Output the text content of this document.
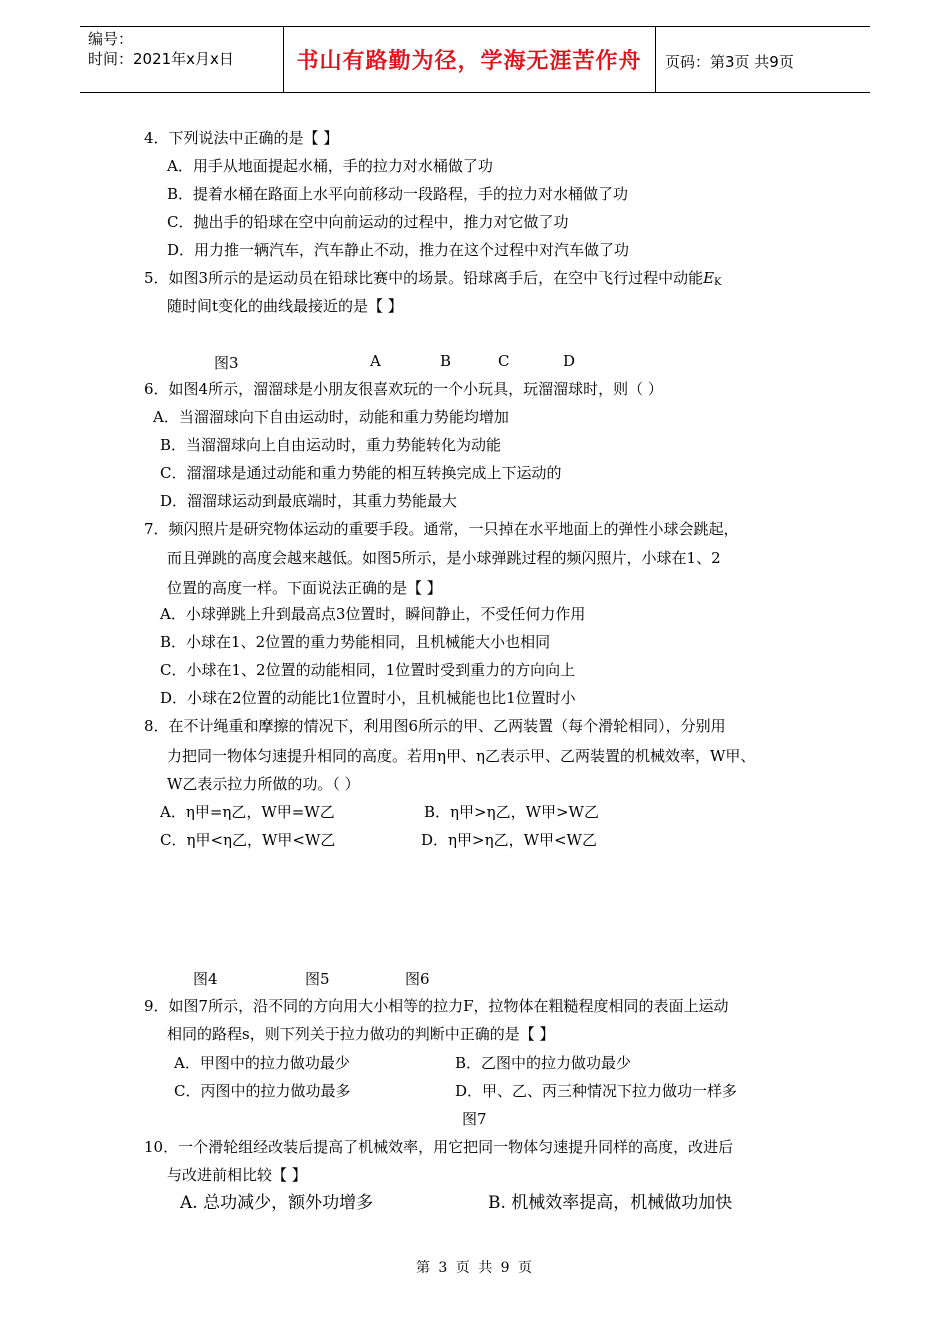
编号：
时间：2021年x月x日	书山有路勤为径，学海无涯苦作舟	页码：第3页 共9页
4．下列说法中正确的是【 】
A．用手从地面提起水桶，手的拉力对水桶做了功
B．提着水桶在路面上水平向前移动一段路程，手的拉力对水桶做了功
C．抛出手的铅球在空中向前运动的过程中，推力对它做了功
D．用力推一辆汽车，汽车静止不动，推力在这个过程中对汽车做了功
5．如图3所示的是运动员在铅球比赛中的场景。铅球离手后，在空中飞行过程中动能$E_K$
随时间t变化的曲线最接近的是【 】
图3	A	B	C	D
6．如图4所示，溜溜球是小朋友很喜欢玩的一个小玩具，玩溜溜球时，则（ ）
A．当溜溜球向下自由运动时，动能和重力势能均增加
B．当溜溜球向上自由运动时，重力势能转化为动能
C．溜溜球是通过动能和重力势能的相互转换完成上下运动的
D．溜溜球运动到最底端时，其重力势能最大
7．频闪照片是研究物体运动的重要手段。通常，一只掉在水平地面上的弹性小球会跳起，
而且弹跳的高度会越来越低。如图5所示，是小球弹跳过程的频闪照片，小球在1、2
位置的高度一样。下面说法正确的是【 】
A．小球弹跳上升到最高点3位置时，瞬间静止，不受任何力作用
B．小球在1、2位置的重力势能相同，且机械能大小也相同
C．小球在1、2位置的动能相同，1位置时受到重力的方向向上
D．小球在2位置的动能比1位置时小，且机械能也比1位置时小
8．在不计绳重和摩擦的情况下，利用图6所示的甲、乙两装置（每个滑轮相同），分别用
力把同一物体匀速提升相同的高度。若用η甲、η乙表示甲、乙两装置的机械效率，W甲、
W乙表示拉力所做的功。（ ）
A．η甲=η乙，W甲=W乙	B．η甲>η乙，W甲>W乙
C．η甲<η乙，W甲<W乙	D．η甲>η乙，W甲<W乙
图4	图5	图6
9．如图7所示，沿不同的方向用大小相等的拉力F，拉物体在粗糙程度相同的表面上运动
相同的路程s，则下列关于拉力做功的判断中正确的是【 】
A．甲图中的拉力做功最少	B．乙图中的拉力做功最少
C．丙图中的拉力做功最多	D．甲、乙、丙三种情况下拉力做功一样多
图7
10．一个滑轮组经改装后提高了机械效率，用它把同一物体匀速提升同样的高度，改进后
与改进前相比较【 】
A. 总功减少，额外功增多	B. 机械效率提高，机械做功加快
第 3 页 共 9 页
